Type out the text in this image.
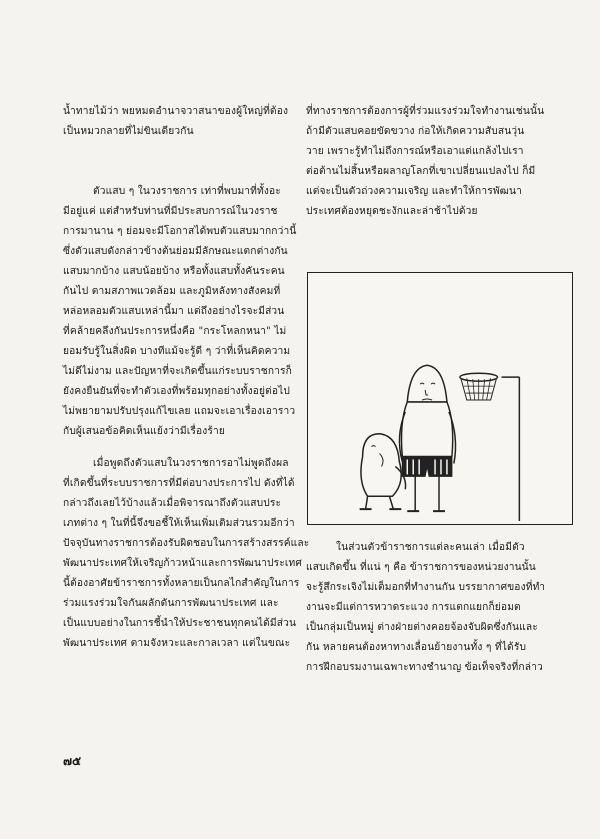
น้ำทายไม้ว่า พยหมดอำนาจวาสนาของผู้ใหญ่ที่ต้อง

เป็นหมวกลายที่ไม่ขินเดียวกัน

ตัวแสบ ๆ ในวงราชการ เท่าที่พบมาที่ทั้งอะ

มีอยู่แค่ แต่สำหรับท่านที่มีประสบการณ์ในวงราช

การมานาน ๆ ย่อมจะมีโอกาสได้พบตัวแสบมากกว่านี้

ซึ่งตัวแสบดังกล่าวข้างต้นย่อมมีลักษณะแตกต่างกัน

แสบมากบ้าง แสบน้อยบ้าง หรือทั้งแสบทั้งคันระคน

กันไป ตามสภาพแวดล้อม และภูมิหลังทางสังคมที่

หล่อหลอมตัวแสบเหล่านี้มา แต่ถึงอย่างไรจะมีส่วน

ที่คล้ายคลึงกันประการหนึ่งคือ "กระโหลกหนา" ไม่

ยอมรับรู้ในสิ่งผิด บางทีแม้จะรู้ดี ๆ ว่าที่เห็นคิดความ

ไม่ดีไม่งาม และปัญหาที่จะเกิดขึ้นแก่ระบบราชการก็

ยังคงยืนยันที่จะทำตัวเองที่พร้อมทุกอย่างทั้งอยู่ต่อไป

ไม่พยายามปรับปรุงแก้ไขเลย แถมจะเอาเรื่องเอาราว

กับผู้เสนอข้อคิดเห็นแย้งว่ามีเรื่องร้าย

เมื่อพูดถึงตัวแสบในวงราชการอาไม่พูดถึงผล

ที่เกิดขึ้นที่ระบบราชการที่มีต่อบางประการไป ดังที่ได้

กล่าวถึงเลยไว้บ้างแล้วเมื่อพิจารณาถึงตัวแสบประ

เภทต่าง ๆ ในที่นี้จึงขอชี้ให้เห็นเพิ่มเติมส่วนรวมอีกว่า

ปัจจุบันทางราชการต้องรับผิดชอบในการสร้างสรรค์และ

พัฒนาประเทศให้เจริญก้าวหน้าและการพัฒนาประเทศ

นี้ต้องอาศัยข้าราชการทั้งหลายเป็นกลไกสำคัญในการ

ร่วมแรงร่วมใจกันผลักดันการพัฒนาประเทศ และ

เป็นแบบอย่างในการชี้นำให้ประชาชนทุกคนได้มีส่วน

พัฒนาประเทศ ตามจังหวะและกาลเวลา แต่ในขณะ

ที่ทางราชการต้องการผู้ที่ร่วมแรงร่วมใจทำงานเช่นนั้น

ถ้ามีตัวแสบคอยขัดขวาง ก่อให้เกิดความสับสนวุ่น

วาย เพราะรู้ทำไม่ถึงการณ์หรือเอาแต่แกล้งไปเรา

ต่อต้านไม่สิ้นหรือผลาญโลกที่เขาเปลี่ยนแปลงไป ก็มี

แต่จะเป็นตัวถ่วงความเจริญ และทำให้การพัฒนา

ประเทศต้องหยุดชะงักและล่าช้าไปด้วย

ในส่วนตัวข้าราชการแต่ละคนเล่า เมื่อมีตัว

แสบเกิดขึ้น ที่แน่ ๆ คือ ข้าราชการของหน่วยงานนั้น

จะรู้สึกระเจิงไม่เต็มอกที่ทำงานกัน บรรยากาศของที่ทำ

งานจะมีแต่การหวาดระแวง การแตกแยกก็ย่อมต

เป็นกลุ่มเป็นหมู่ ต่างฝ่ายต่างคอยจ้องจับผิดซึ่งกันและ

กัน หลายคนต้องหาทางเลื่อนย้ายงานทั้ง ๆ ที่ได้รับ

การฝึกอบรมงานเฉพาะทางชำนาญ ข้อเท็จจริงที่กล่าว

๗๕
